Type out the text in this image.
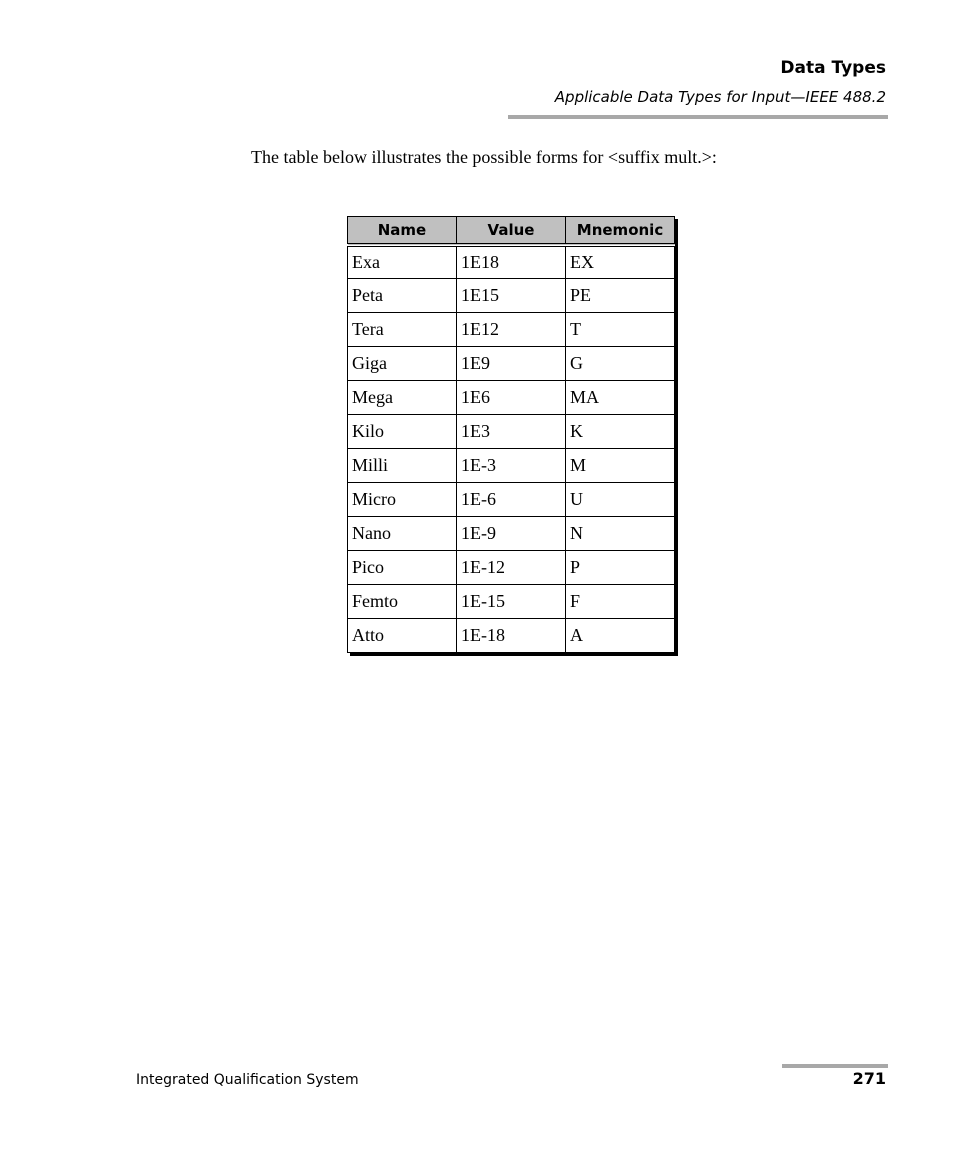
Data Types
Applicable Data Types for Input—IEEE 488.2
The table below illustrates the possible forms for <suffix mult.>:
Name	Value	Mnemonic
Exa	1E18	EX
Peta	1E15	PE
Tera	1E12	T
Giga	1E9	G
Mega	1E6	MA
Kilo	1E3	K
Milli	1E-3	M
Micro	1E-6	U
Nano	1E-9	N
Pico	1E-12	P
Femto	1E-15	F
Atto	1E-18	A
Integrated Qualification System	271
